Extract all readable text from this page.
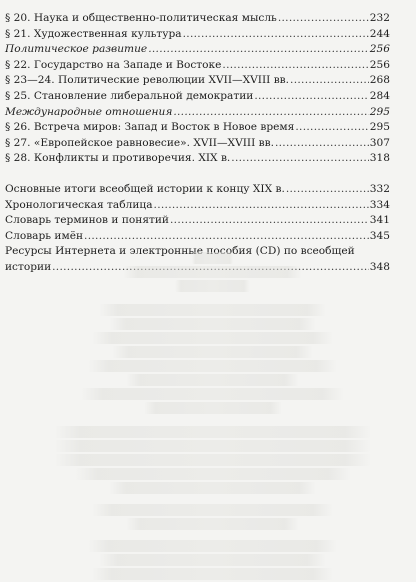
§ 20. Наука и общественно-политическая мысль .....	232
§ 21. Художественная культура .....	244
Политическое развитие .....	256
§ 22. Государство на Западе и Востоке .....	256
§ 23—24. Политические революции XVII—XVIII вв. .....	268
§ 25. Становление либеральной демократии .....	284
Международные отношения .....	295
§ 26. Встреча миров: Запад и Восток в Новое время .....	295
§ 27. «Европейское равновесие». XVII—XVIII вв. .....	307
§ 28. Конфликты и противоречия. XIX в. .....	318
Основные итоги всеобщей истории к концу XIX в. .....	332
Хронологическая таблица .....	334
Словарь терминов и понятий .....	341
Словарь имён .....	345
Ресурсы Интернета и электронные пособия (CD) по всеобщей
истории .....	348
